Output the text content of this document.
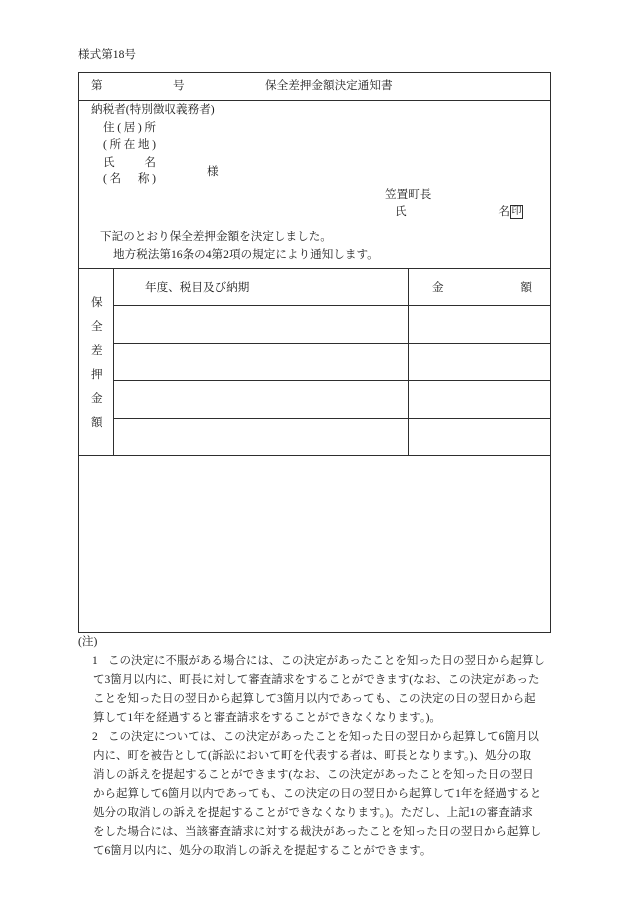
様式第18号
第	号	保全差押金額決定通知書
納税者(特別徴収義務者)
住(居)所
(所在地)
氏　名
(名　称)
様
笠置町長
氏　名 印
下記のとおり保全差押金額を決定しました。
地方税法第16条の4第2項の規定により通知します。
保全差押金額
年度、税目及び納期	金　額
(注)
1 この決定に不服がある場合には、この決定があったことを知った日の翌日から起算し
て3箇月以内に、町長に対して審査請求をすることができます(なお、この決定があった
ことを知った日の翌日から起算して3箇月以内であっても、この決定の日の翌日から起
算して1年を経過すると審査請求をすることができなくなります。)。
2 この決定については、この決定があったことを知った日の翌日から起算して6箇月以
内に、町を被告として(訴訟において町を代表する者は、町長となります。)、処分の取
消しの訴えを提起することができます(なお、この決定があったことを知った日の翌日
から起算して6箇月以内であっても、この決定の日の翌日から起算して1年を経過すると
処分の取消しの訴えを提起することができなくなります。)。ただし、上記1の審査請求
をした場合には、当該審査請求に対する裁決があったことを知った日の翌日から起算し
て6箇月以内に、処分の取消しの訴えを提起することができます。
